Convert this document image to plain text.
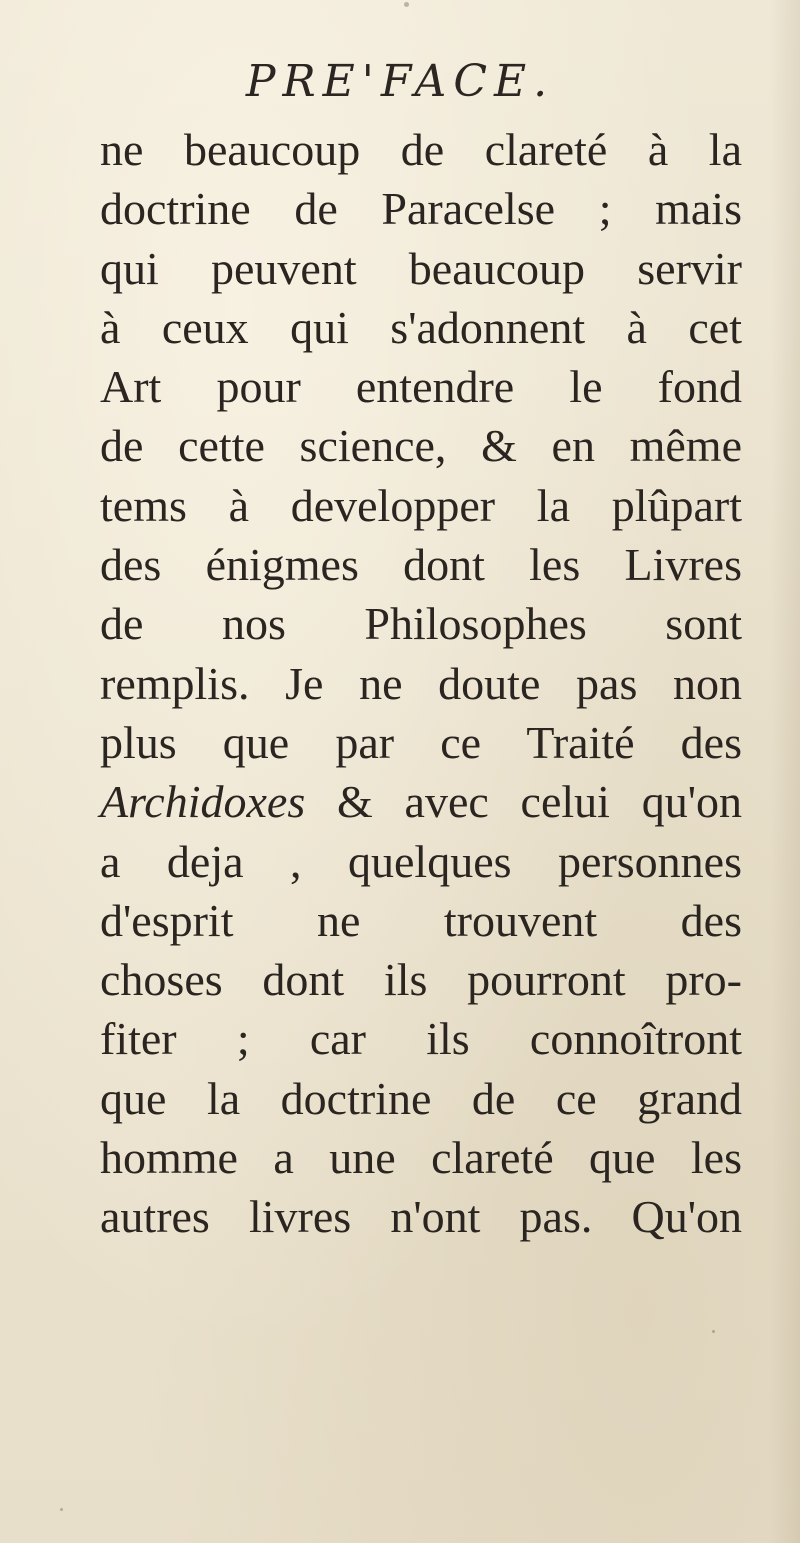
PRE'FACE.
ne beaucoup de clareté à la
doctrine de Paracelse ; mais
qui peuvent beaucoup servir
à ceux qui s'adonnent à cet
Art pour entendre le fond
de cette science, & en même
tems à developper la plûpart
des énigmes dont les Livres
de nos Philosophes sont
remplis. Je ne doute pas non
plus que par ce Traité des
Archidoxes & avec celui qu'on
a deja , quelques personnes
d'esprit ne trouvent des
choses dont ils pourront pro-
fiter ; car ils connoîtront
que la doctrine de ce grand
homme a une clareté que les
autres livres n'ont pas. Qu'on
